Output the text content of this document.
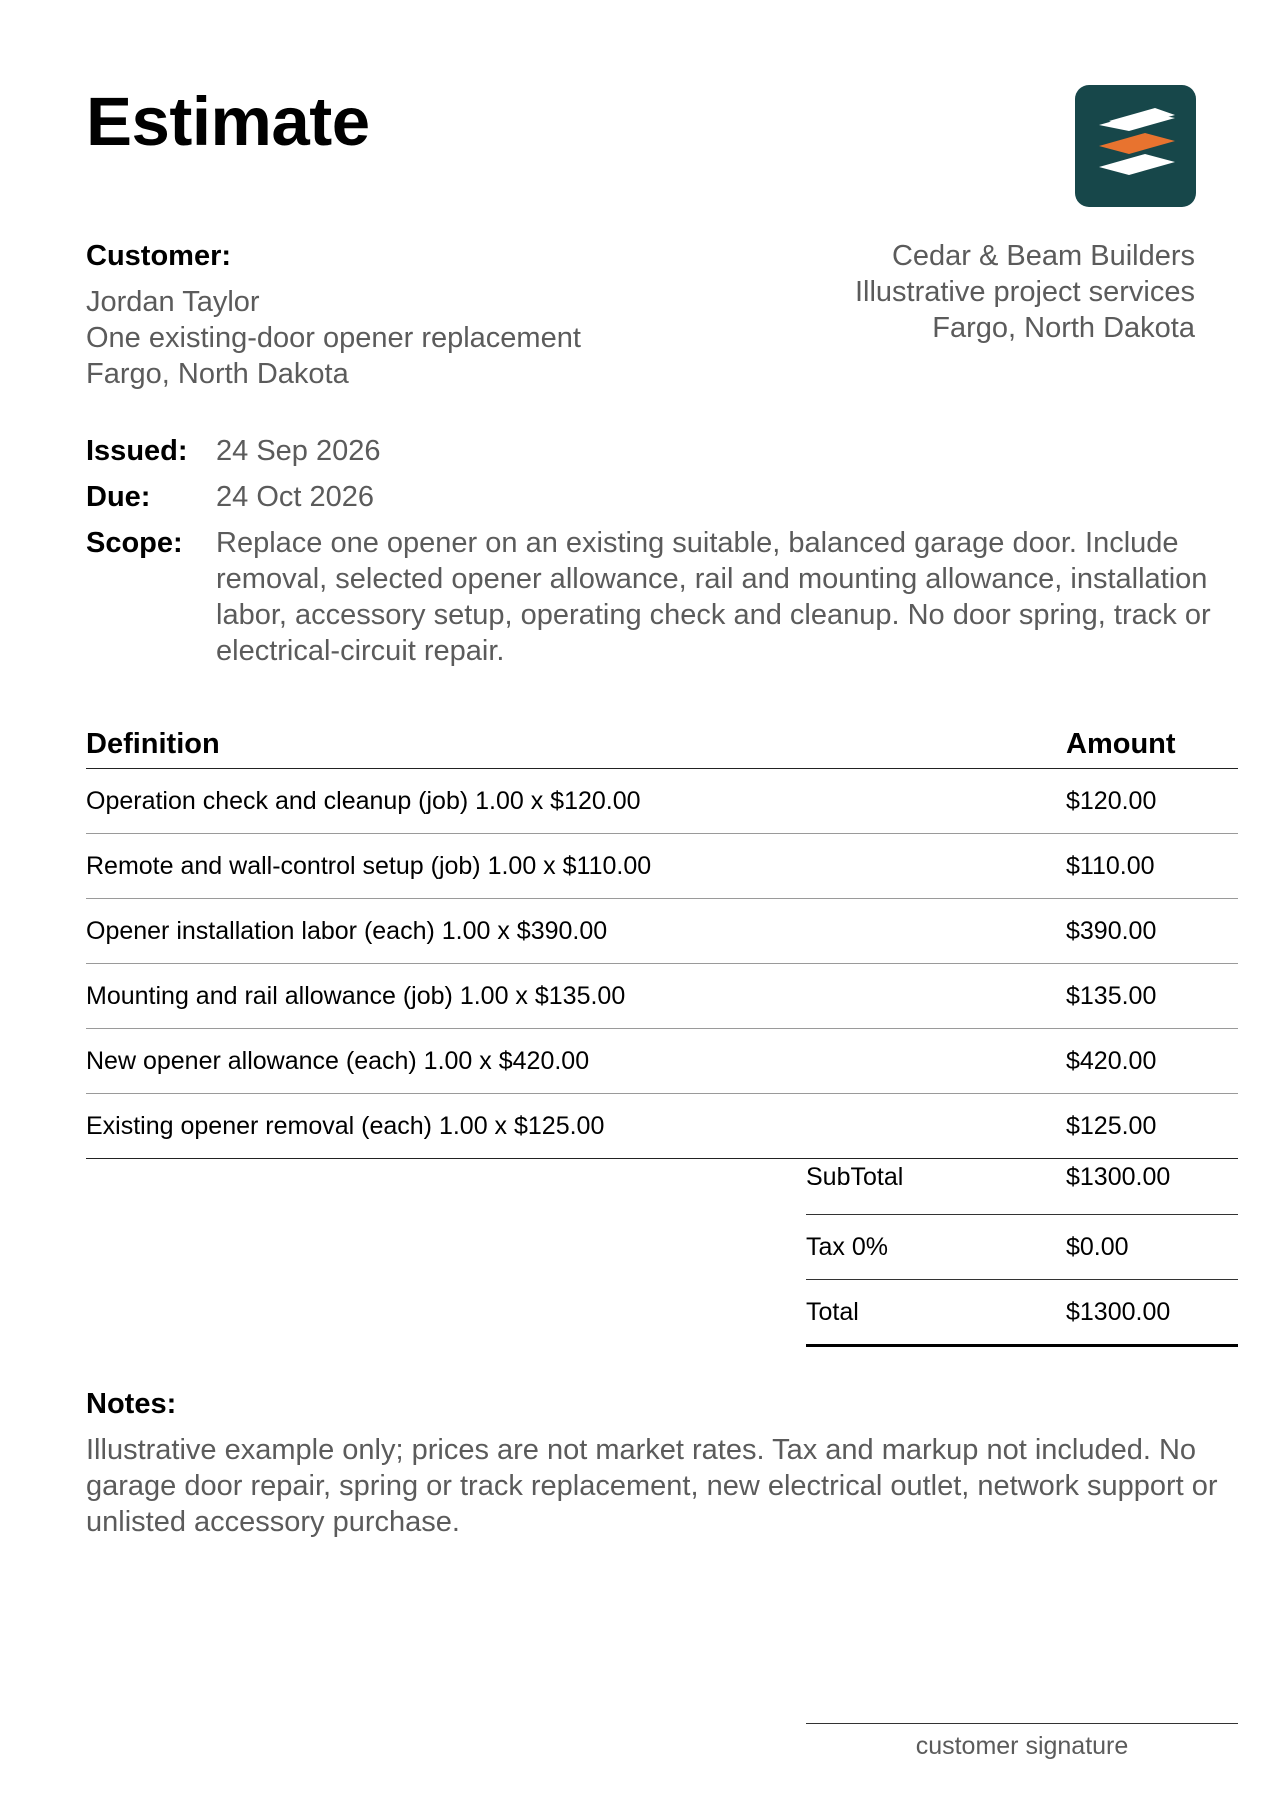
Estimate
Customer:
Jordan Taylor
One existing-door opener replacement
Fargo, North Dakota
Cedar & Beam Builders
Illustrative project services
Fargo, North Dakota
Issued: 24 Sep 2026
Due:	24 Oct 2026
Scope:	Replace one opener on an existing suitable, balanced garage door. Include removal, selected opener allowance, rail and mounting allowance, installation labor, accessory setup, operating check and cleanup. No door spring, track or electrical-circuit repair.
Definition	Amount
Operation check and cleanup (job) 1.00 x $120.00	$120.00
Remote and wall-control setup (job) 1.00 x $110.00	$110.00
Opener installation labor (each) 1.00 x $390.00	$390.00
Mounting and rail allowance (job) 1.00 x $135.00	$135.00
New opener allowance (each) 1.00 x $420.00	$420.00
Existing opener removal (each) 1.00 x $125.00	$125.00
SubTotal	$1300.00
Tax 0%	$0.00
Total	$1300.00
Notes:
Illustrative example only; prices are not market rates. Tax and markup not included. No garage door repair, spring or track replacement, new electrical outlet, network support or unlisted accessory purchase.
customer signature
